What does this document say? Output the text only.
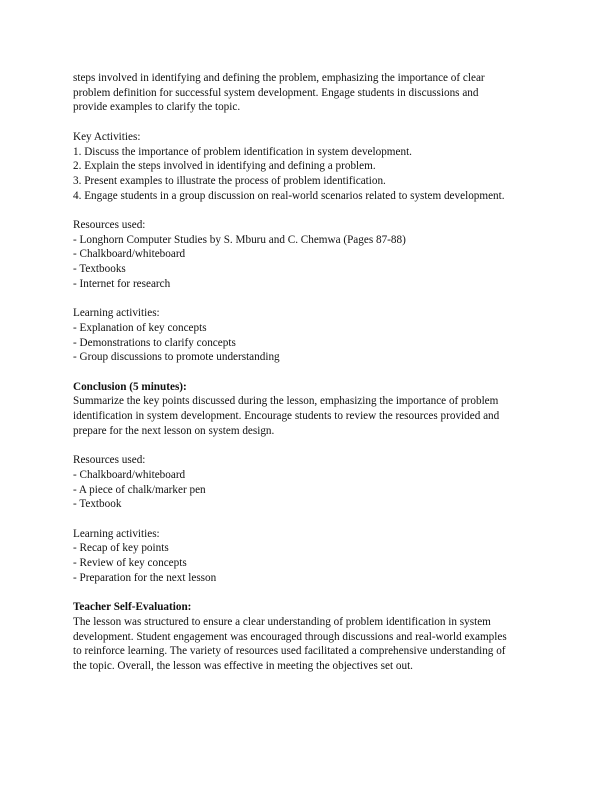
steps involved in identifying and defining the problem, emphasizing the importance of clear
problem definition for successful system development. Engage students in discussions and
provide examples to clarify the topic.
Key Activities:
1. Discuss the importance of problem identification in system development.
2. Explain the steps involved in identifying and defining a problem.
3. Present examples to illustrate the process of problem identification.
4. Engage students in a group discussion on real-world scenarios related to system development.
Resources used:
- Longhorn Computer Studies by S. Mburu and C. Chemwa (Pages 87-88)
- Chalkboard/whiteboard
- Textbooks
- Internet for research
Learning activities:
- Explanation of key concepts
- Demonstrations to clarify concepts
- Group discussions to promote understanding
Conclusion (5 minutes):
Summarize the key points discussed during the lesson, emphasizing the importance of problem
identification in system development. Encourage students to review the resources provided and
prepare for the next lesson on system design.
Resources used:
- Chalkboard/whiteboard
- A piece of chalk/marker pen
- Textbook
Learning activities:
- Recap of key points
- Review of key concepts
- Preparation for the next lesson
Teacher Self-Evaluation:
The lesson was structured to ensure a clear understanding of problem identification in system
development. Student engagement was encouraged through discussions and real-world examples
to reinforce learning. The variety of resources used facilitated a comprehensive understanding of
the topic. Overall, the lesson was effective in meeting the objectives set out.
